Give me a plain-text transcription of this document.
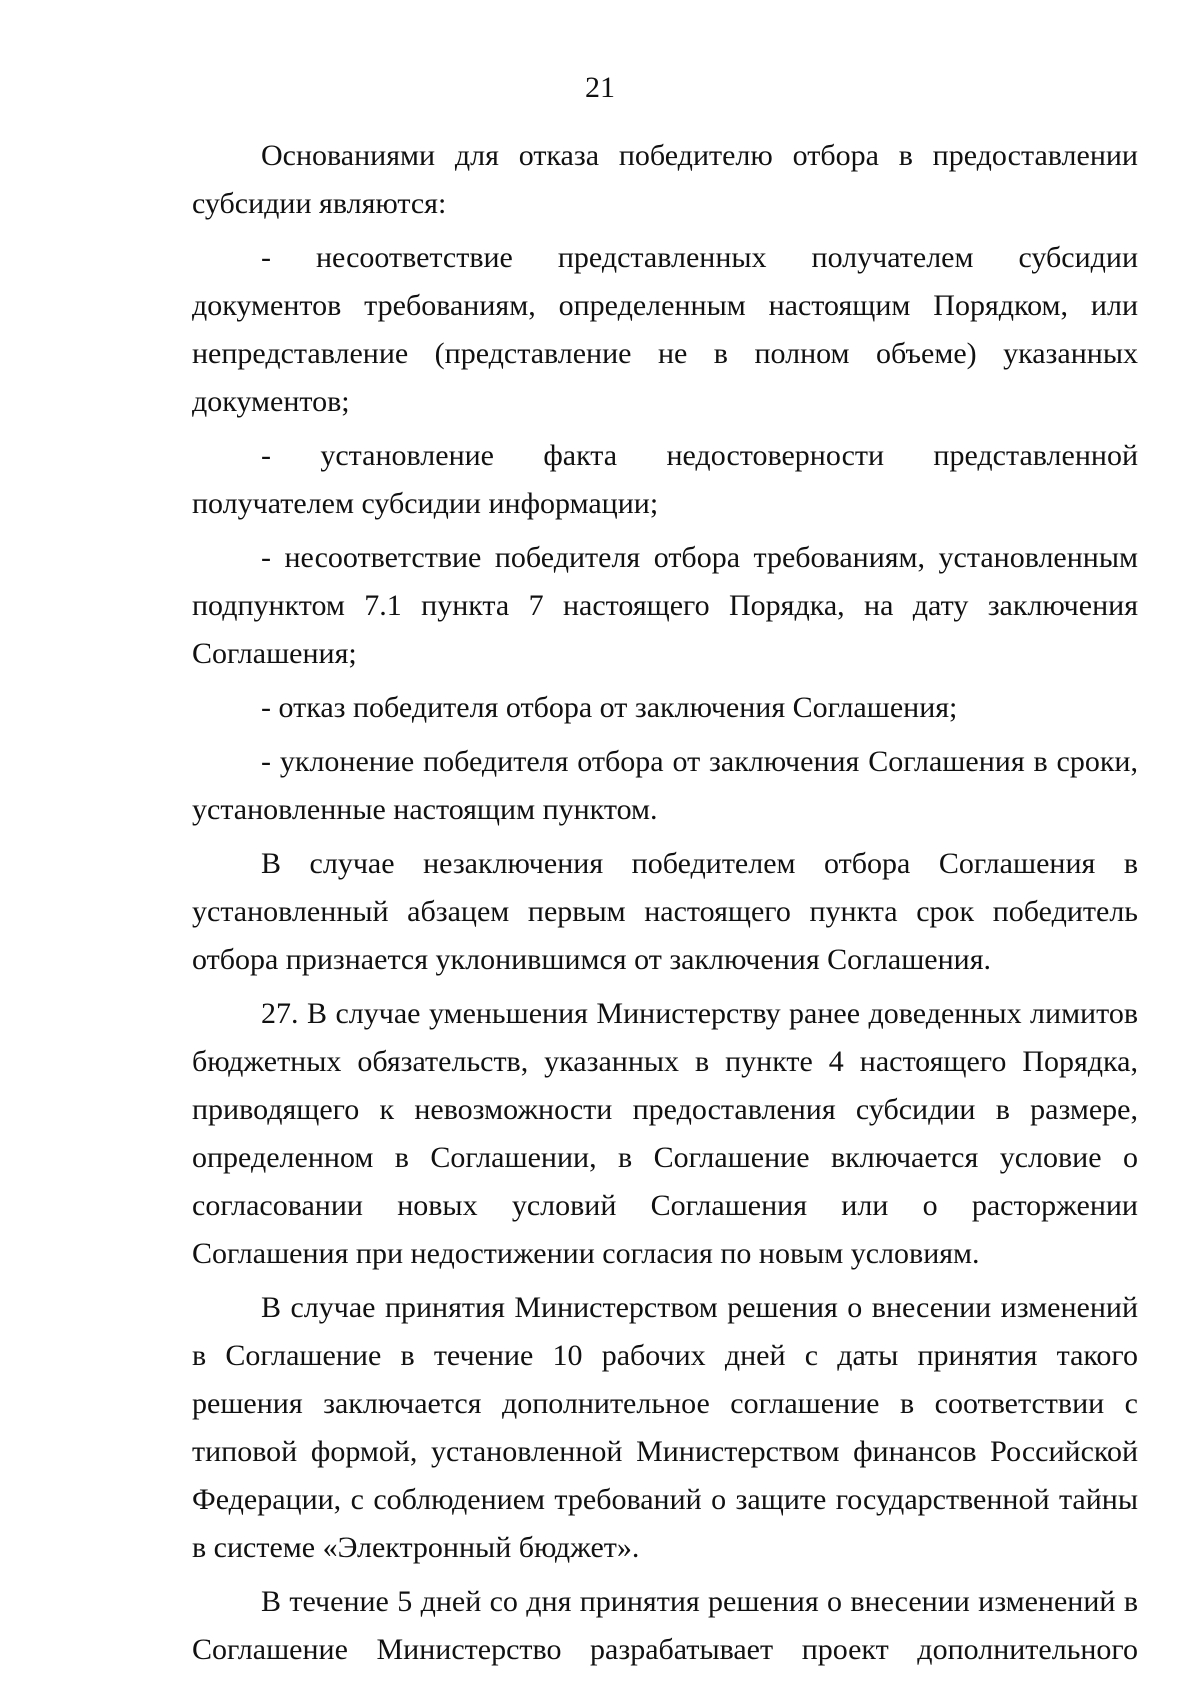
21

Основаниями для отказа победителю отбора в предоставлении субсидии являются:

- несоответствие представленных получателем субсидии документов требованиям, определенным настоящим Порядком, или непредставление (представление не в полном объеме) указанных документов;

- установление факта недостоверности представленной получателем субсидии информации;

- несоответствие победителя отбора требованиям, установленным подпунктом 7.1 пункта 7 настоящего Порядка, на дату заключения Соглашения;

- отказ победителя отбора от заключения Соглашения;

- уклонение победителя отбора от заключения Соглашения в сроки, установленные настоящим пунктом.

В случае незаключения победителем отбора Соглашения в установленный абзацем первым настоящего пункта срок победитель отбора признается уклонившимся от заключения Соглашения.

27. В случае уменьшения Министерству ранее доведенных лимитов бюджетных обязательств, указанных в пункте 4 настоящего Порядка, приводящего к невозможности предоставления субсидии в размере, определенном в Соглашении, в Соглашение включается условие о согласовании новых условий Соглашения или о расторжении Соглашения при недостижении согласия по новым условиям.

В случае принятия Министерством решения о внесении изменений в Соглашение в течение 10 рабочих дней с даты принятия такого решения заключается дополнительное соглашение в соответствии с типовой формой, установленной Министерством финансов Российской Федерации, с соблюдением требований о защите государственной тайны в системе «Электронный бюджет».

В течение 5 дней со дня принятия решения о внесении изменений в Соглашение Министерство разрабатывает проект дополнительного
